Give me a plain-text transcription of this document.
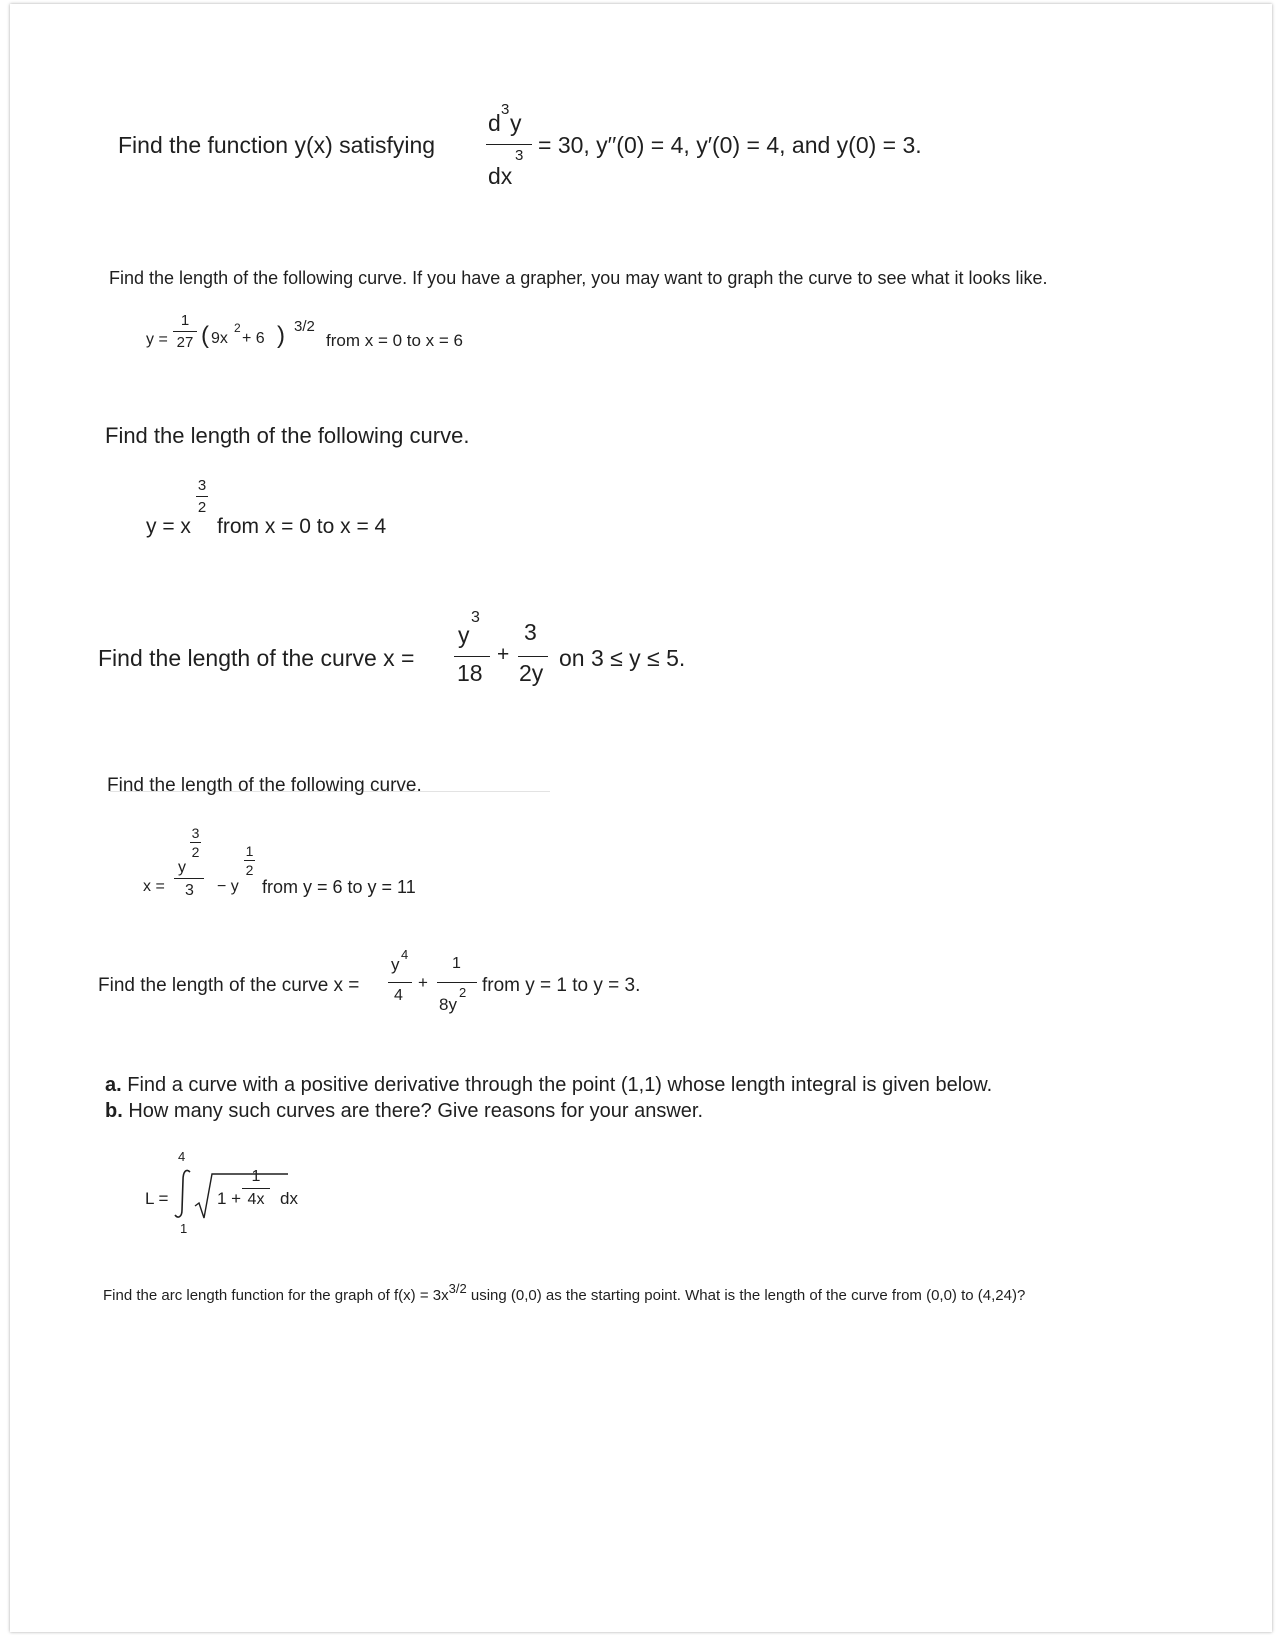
Find the function y(x) satisfying
d
3
y
dx
3 = 30, y′′(0) = 4, y′(0) = 4, and y(0) = 3.
Find the length of the following curve. If you have a grapher, you may want to graph the curve to see what it looks like.
y =
1
27 ( 9x
2
+ 6 ) 3/2
from x = 0 to x = 6
Find the length of the following curve.
y = x
3
2
from x = 0 to x = 4
Find the length of the curve x =
y
3
18
+
3
2y
on 3 ≤ y ≤ 5.
Find the length of the following curve.
x =
3
2
y
3 − y
1
2
from y = 6 to y = 11
Find the length of the curve x =
y
4
4
+
1
8y
2 from y = 1 to y = 3.
a. Find a curve with a positive derivative through the point (1,1) whose length integral is given below.
b. How many such curves are there? Give reasons for your answer.
L =
4
1
1 +
1
4x dx
Find the arc length function for the graph of f(x) = 3x3/2 using (0,0) as the starting point. What is the length of the curve from (0,0) to (4,24)?
